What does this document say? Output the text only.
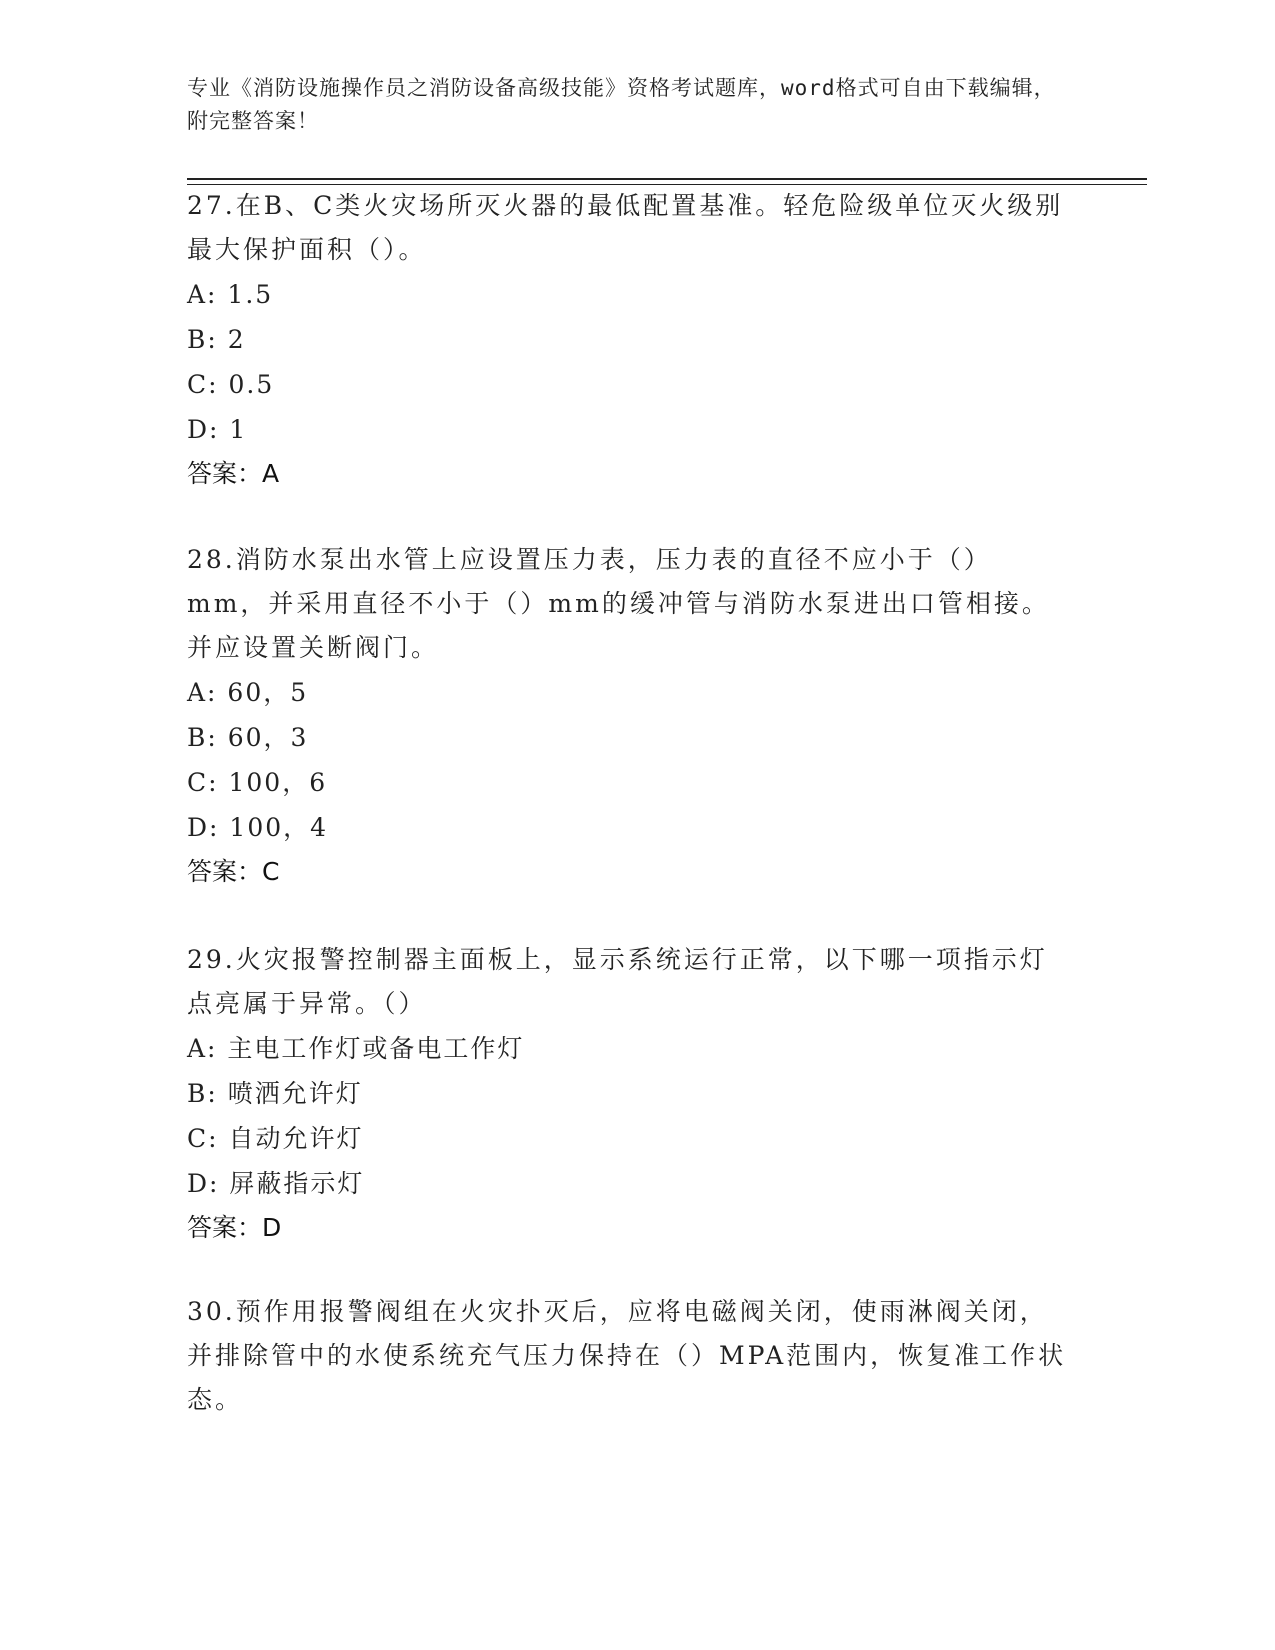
专业《消防设施操作员之消防设备高级技能》资格考试题库，word格式可自由下载编辑，附完整答案！

27.在B、C类火灾场所灭火器的最低配置基准。轻危险级单位灭火级别最大保护面积（）。

A: 1.5

B: 2

C: 0.5

D: 1

答案：A

28.消防水泵出水管上应设置压力表，压力表的直径不应小于（）mm，并采用直径不小于（）mm的缓冲管与消防水泵进出口管相接。并应设置关断阀门。

A: 60，5

B: 60，3

C: 100，6

D: 100，4

答案：C

29.火灾报警控制器主面板上，显示系统运行正常，以下哪一项指示灯点亮属于异常。（）

A: 主电工作灯或备电工作灯

B: 喷洒允许灯

C: 自动允许灯

D: 屏蔽指示灯

答案：D

30.预作用报警阀组在火灾扑灭后，应将电磁阀关闭，使雨淋阀关闭，并排除管中的水使系统充气压力保持在（）MPA范围内，恢复准工作状态。
